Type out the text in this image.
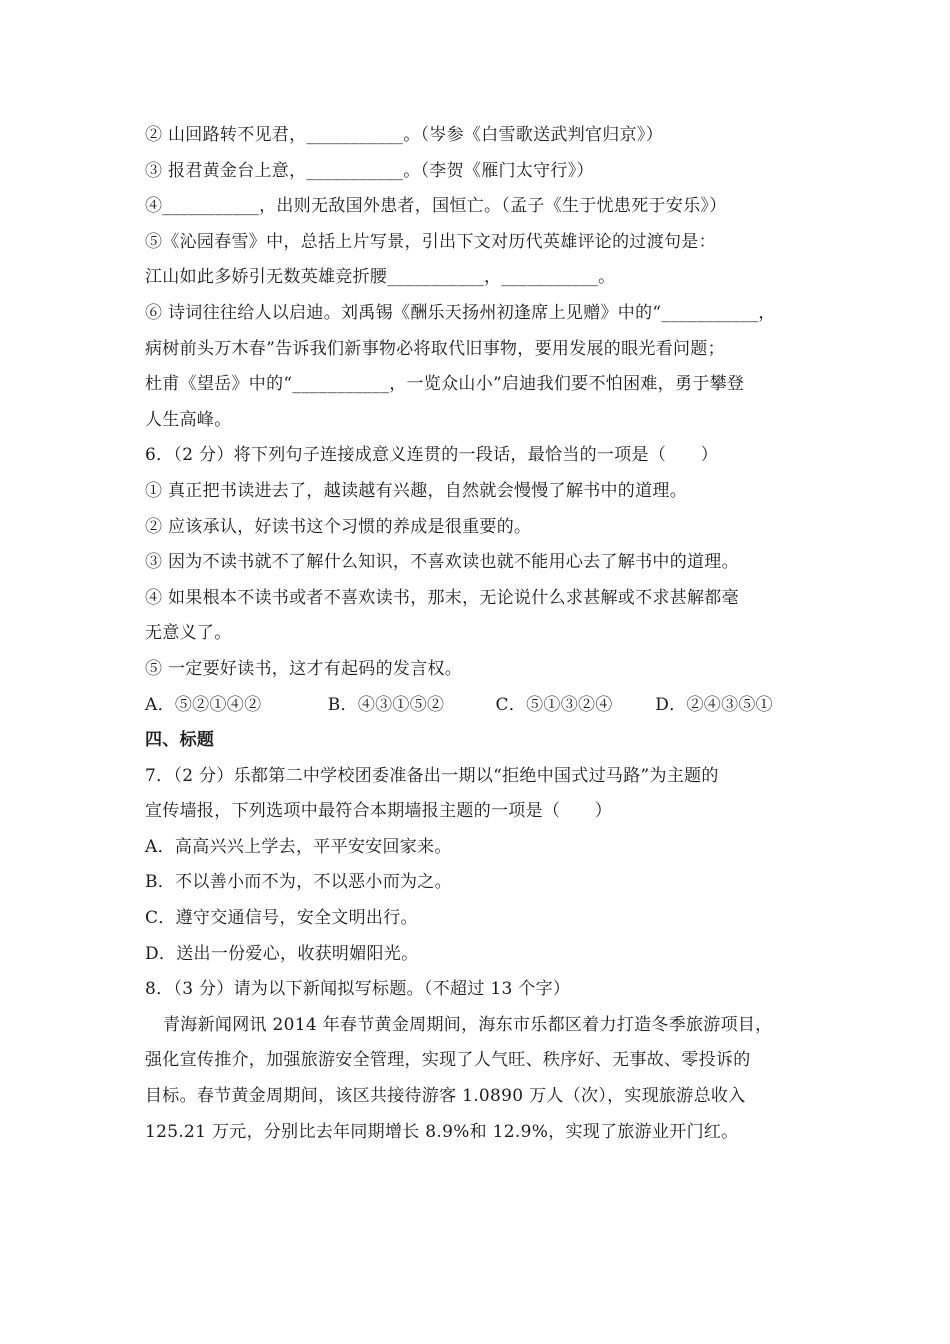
② 山回路转不见君，___________。（岑参《白雪歌送武判官归京》）
③ 报君黄金台上意，___________。（李贺《雁门太守行》）
④___________，出则无敌国外患者，国恒亡。（孟子《生于忧患死于安乐》）
⑤《沁园春雪》中，总括上片写景，引出下文对历代英雄评论的过渡句是：
江山如此多娇引无数英雄竞折腰___________，___________。
⑥ 诗词往往给人以启迪。刘禹锡《酬乐天扬州初逢席上见赠》中的“___________，
病树前头万木春”告诉我们新事物必将取代旧事物，要用发展的眼光看问题；
杜甫《望岳》中的“___________，一览众山小”启迪我们要不怕困难，勇于攀登
人生高峰。
6．（2 分）将下列句子连接成意义连贯的一段话，最恰当的一项是（　　）
① 真正把书读进去了，越读越有兴趣，自然就会慢慢了解书中的道理。
② 应该承认，好读书这个习惯的养成是很重要的。
③ 因为不读书就不了解什么知识，不喜欢读也就不能用心去了解书中的道理。
④ 如果根本不读书或者不喜欢读书，那末，无论说什么求甚解或不求甚解都毫
无意义了。
⑤ 一定要好读书，这才有起码的发言权。
A．⑤②①④②	B．④③①⑤②	C．⑤①③②④	D．②④③⑤①
四、标题
7．（2 分）乐都第二中学校团委准备出一期以“拒绝中国式过马路”为主题的
宣传墙报，下列选项中最符合本期墙报主题的一项是（　　）
A．高高兴兴上学去，平平安安回家来。
B．不以善小而不为，不以恶小而为之。
C．遵守交通信号，安全文明出行。
D．送出一份爱心，收获明媚阳光。
8．（3 分）请为以下新闻拟写标题。（不超过 13 个字）
青海新闻网讯 2014 年春节黄金周期间，海东市乐都区着力打造冬季旅游项目，
强化宣传推介，加强旅游安全管理，实现了人气旺、秩序好、无事故、零投诉的
目标。春节黄金周期间，该区共接待游客 1.0890 万人（次），实现旅游总收入
125.21 万元，分别比去年同期增长 8.9%和 12.9%，实现了旅游业开门红。
